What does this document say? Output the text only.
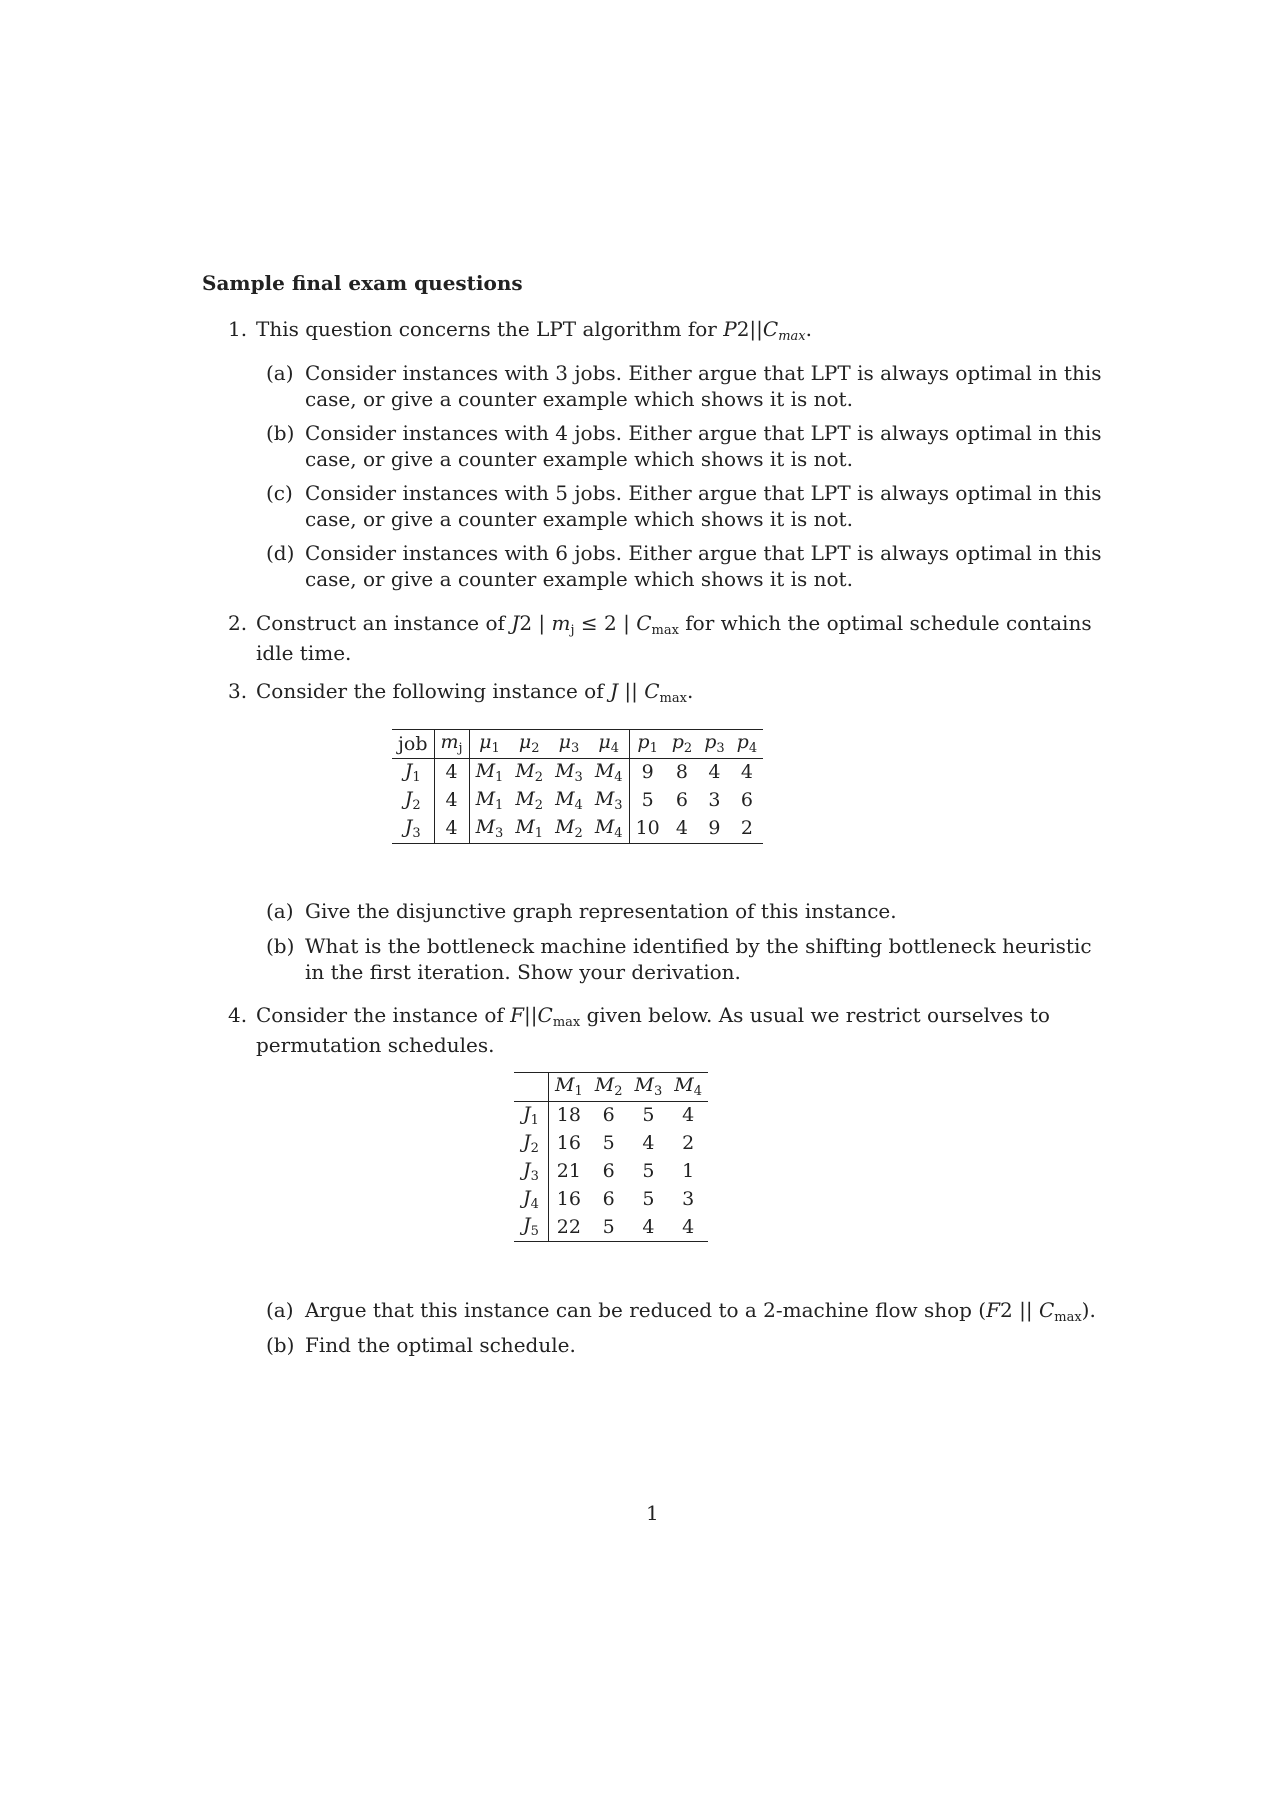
Sample final exam questions
1. This question concerns the LPT algorithm for $P2||C_{max}$.
(a) Consider instances with 3 jobs. Either argue that LPT is always optimal in this case, or give a counter example which shows it is not.
(b) Consider instances with 4 jobs. Either argue that LPT is always optimal in this case, or give a counter example which shows it is not.
(c) Consider instances with 5 jobs. Either argue that LPT is always optimal in this case, or give a counter example which shows it is not.
(d) Consider instances with 6 jobs. Either argue that LPT is always optimal in this case, or give a counter example which shows it is not.
2. Construct an instance of J2 | $m_j \le 2$ | $C_{max}$ for which the optimal schedule contains idle time.
3. Consider the following instance of J || $C_{max}$.
job	$m_j$	$\mu_1$	$\mu_2$	$\mu_3$	$\mu_4$	$p_1$	$p_2$	$p_3$	$p_4$
$J_1$	4	$M_1$	$M_2$	$M_3$	$M_4$	9	8	4	4
$J_2$	4	$M_1$	$M_2$	$M_4$	$M_3$	5	6	3	6
$J_3$	4	$M_3$	$M_1$	$M_2$	$M_4$	10	4	9	2
(a) Give the disjunctive graph representation of this instance.
(b) What is the bottleneck machine identified by the shifting bottleneck heuristic in the first iteration. Show your derivation.
4. Consider the instance of $F||C_{max}$ given below. As usual we restrict ourselves to permutation schedules.
	$M_1$	$M_2$	$M_3$	$M_4$
$J_1$	18	6	5	4
$J_2$	16	5	4	2
$J_3$	21	6	5	1
$J_4$	16	6	5	3
$J_5$	22	5	4	4
(a) Argue that this instance can be reduced to a 2-machine flow shop (F2 || $C_{max}$).
(b) Find the optimal schedule.
1
